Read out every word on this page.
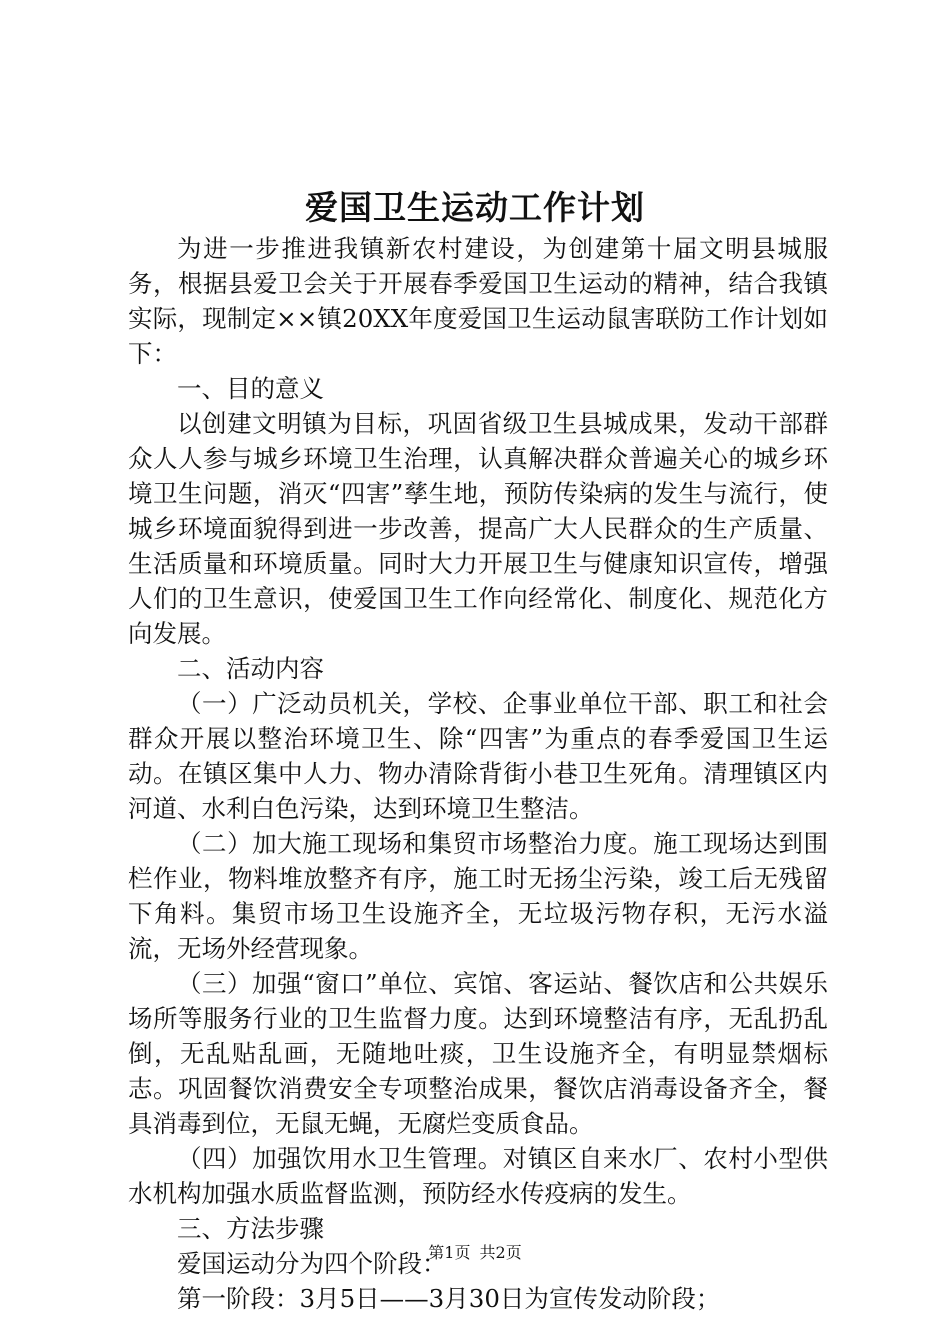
爱国卫生运动工作计划

为进一步推进我镇新农村建设，为创建第十届文明县城服务，根据县爱卫会关于开展春季爱国卫生运动的精神，结合我镇实际，现制定××镇20XX年度爱国卫生运动鼠害联防工作计划如下：

一、目的意义

以创建文明镇为目标，巩固省级卫生县城成果，发动干部群众人人参与城乡环境卫生治理，认真解决群众普遍关心的城乡环境卫生问题，消灭“四害”孳生地，预防传染病的发生与流行，使城乡环境面貌得到进一步改善，提高广大人民群众的生产质量、生活质量和环境质量。同时大力开展卫生与健康知识宣传，增强人们的卫生意识，使爱国卫生工作向经常化、制度化、规范化方向发展。

二、活动内容

（一）广泛动员机关，学校、企事业单位干部、职工和社会群众开展以整治环境卫生、除“四害”为重点的春季爱国卫生运动。在镇区集中人力、物办清除背街小巷卫生死角。清理镇区内河道、水利白色污染，达到环境卫生整洁。

（二）加大施工现场和集贸市场整治力度。施工现场达到围栏作业，物料堆放整齐有序，施工时无扬尘污染，竣工后无残留下角料。集贸市场卫生设施齐全，无垃圾污物存积，无污水溢流，无场外经营现象。

（三）加强“窗口”单位、宾馆、客运站、餐饮店和公共娱乐场所等服务行业的卫生监督力度。达到环境整洁有序，无乱扔乱倒，无乱贴乱画，无随地吐痰，卫生设施齐全，有明显禁烟标志。巩固餐饮消费安全专项整治成果，餐饮店消毒设备齐全，餐具消毒到位，无鼠无蝇，无腐烂变质食品。

（四）加强饮用水卫生管理。对镇区自来水厂、农村小型供水机构加强水质监督监测，预防经水传疫病的发生。

三、方法步骤

爱国运动分为四个阶段：

第一阶段：3月5日——3月30日为宣传发动阶段；

第1页 共2页
